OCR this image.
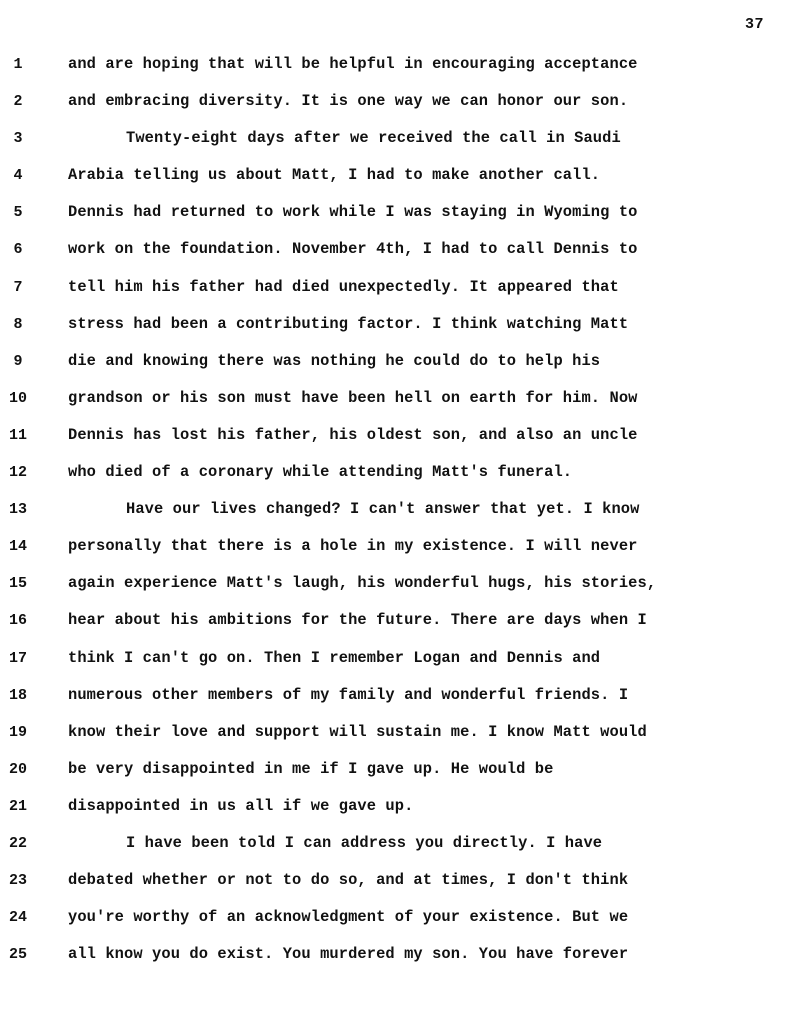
37
1	and are hoping that will be helpful in encouraging acceptance
2	and embracing diversity. It is one way we can honor our son.
3	Twenty-eight days after we received the call in Saudi
4	Arabia telling us about Matt, I had to make another call.
5	Dennis had returned to work while I was staying in Wyoming to
6	work on the foundation. November 4th, I had to call Dennis to
7	tell him his father had died unexpectedly. It appeared that
8	stress had been a contributing factor. I think watching Matt
9	die and knowing there was nothing he could do to help his
10	grandson or his son must have been hell on earth for him. Now
11	Dennis has lost his father, his oldest son, and also an uncle
12	who died of a coronary while attending Matt's funeral.
13	Have our lives changed? I can't answer that yet. I know
14	personally that there is a hole in my existence. I will never
15	again experience Matt's laugh, his wonderful hugs, his stories,
16	hear about his ambitions for the future. There are days when I
17	think I can't go on. Then I remember Logan and Dennis and
18	numerous other members of my family and wonderful friends. I
19	know their love and support will sustain me. I know Matt would
20	be very disappointed in me if I gave up. He would be
21	disappointed in us all if we gave up.
22	I have been told I can address you directly. I have
23	debated whether or not to do so, and at times, I don't think
24	you're worthy of an acknowledgment of your existence. But we
25	all know you do exist. You murdered my son. You have forever
